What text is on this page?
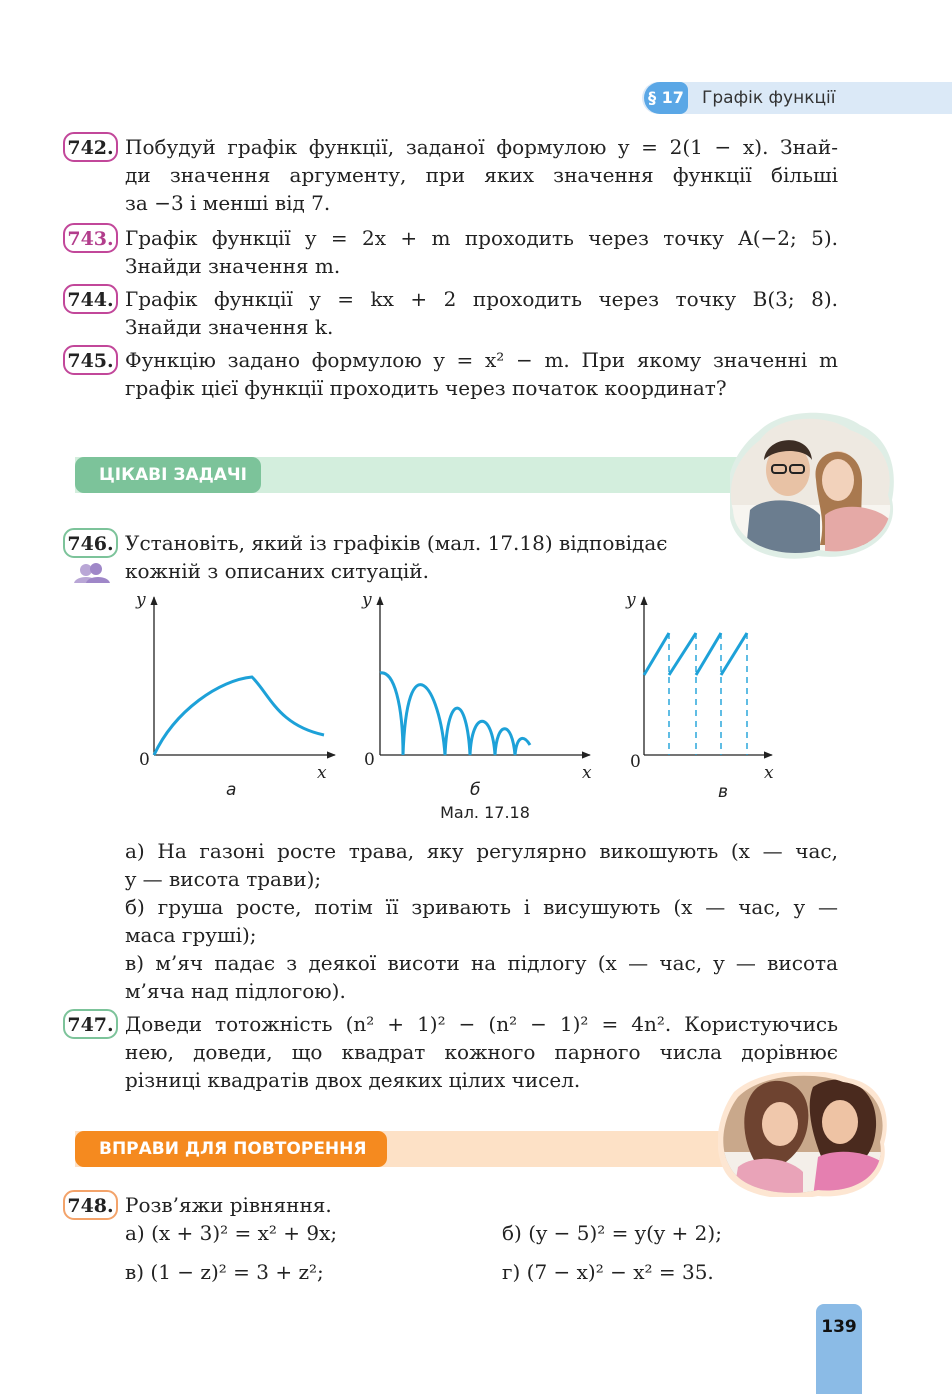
§ 17 Графік функції
742. Побудуй графік функції, заданої формулою y = 2(1 − x). Знай-
ди значення аргументу, при яких значення функції більші
за −3 і менші від 7.
743. Графік функції y = 2x + m проходить через точку A(−2; 5).
Знайди значення m.
744. Графік функції y = kx + 2 проходить через точку B(3; 8).
Знайди значення k.
745. Функцію задано формулою y = x² − m. При якому значенні m
графік цієї функції проходить через початок координат?
ЦІКАВІ ЗАДАЧІ
746. Установіть, який із графіків (мал. 17.18) відповідає
кожній з описаних ситуацій.
y
x
0
а
y
x
0
б
y
x
0
в
Мал. 17.18
а) На газоні росте трава, яку регулярно викошують (x — час,
y — висота трави);
б) груша росте, потім її зривають і висушують (x — час, y —
маса груші);
в) м’яч падає з деякої висоти на підлогу (x — час, y — висота
м’яча над підлогою).
747. Доведи тотожність (n² + 1)² − (n² − 1)² = 4n². Користуючись
нею, доведи, що квадрат кожного парного числа дорівнює
різниці квадратів двох деяких цілих чисел.
ВПРАВИ ДЛЯ ПОВТОРЕННЯ
748. Розв’яжи рівняння.
а) (x + 3)² = x² + 9x;	б) (y − 5)² = y(y + 2);
в) (1 − z)² = 3 + z²;	г) (7 − x)² − x² = 35.
139
